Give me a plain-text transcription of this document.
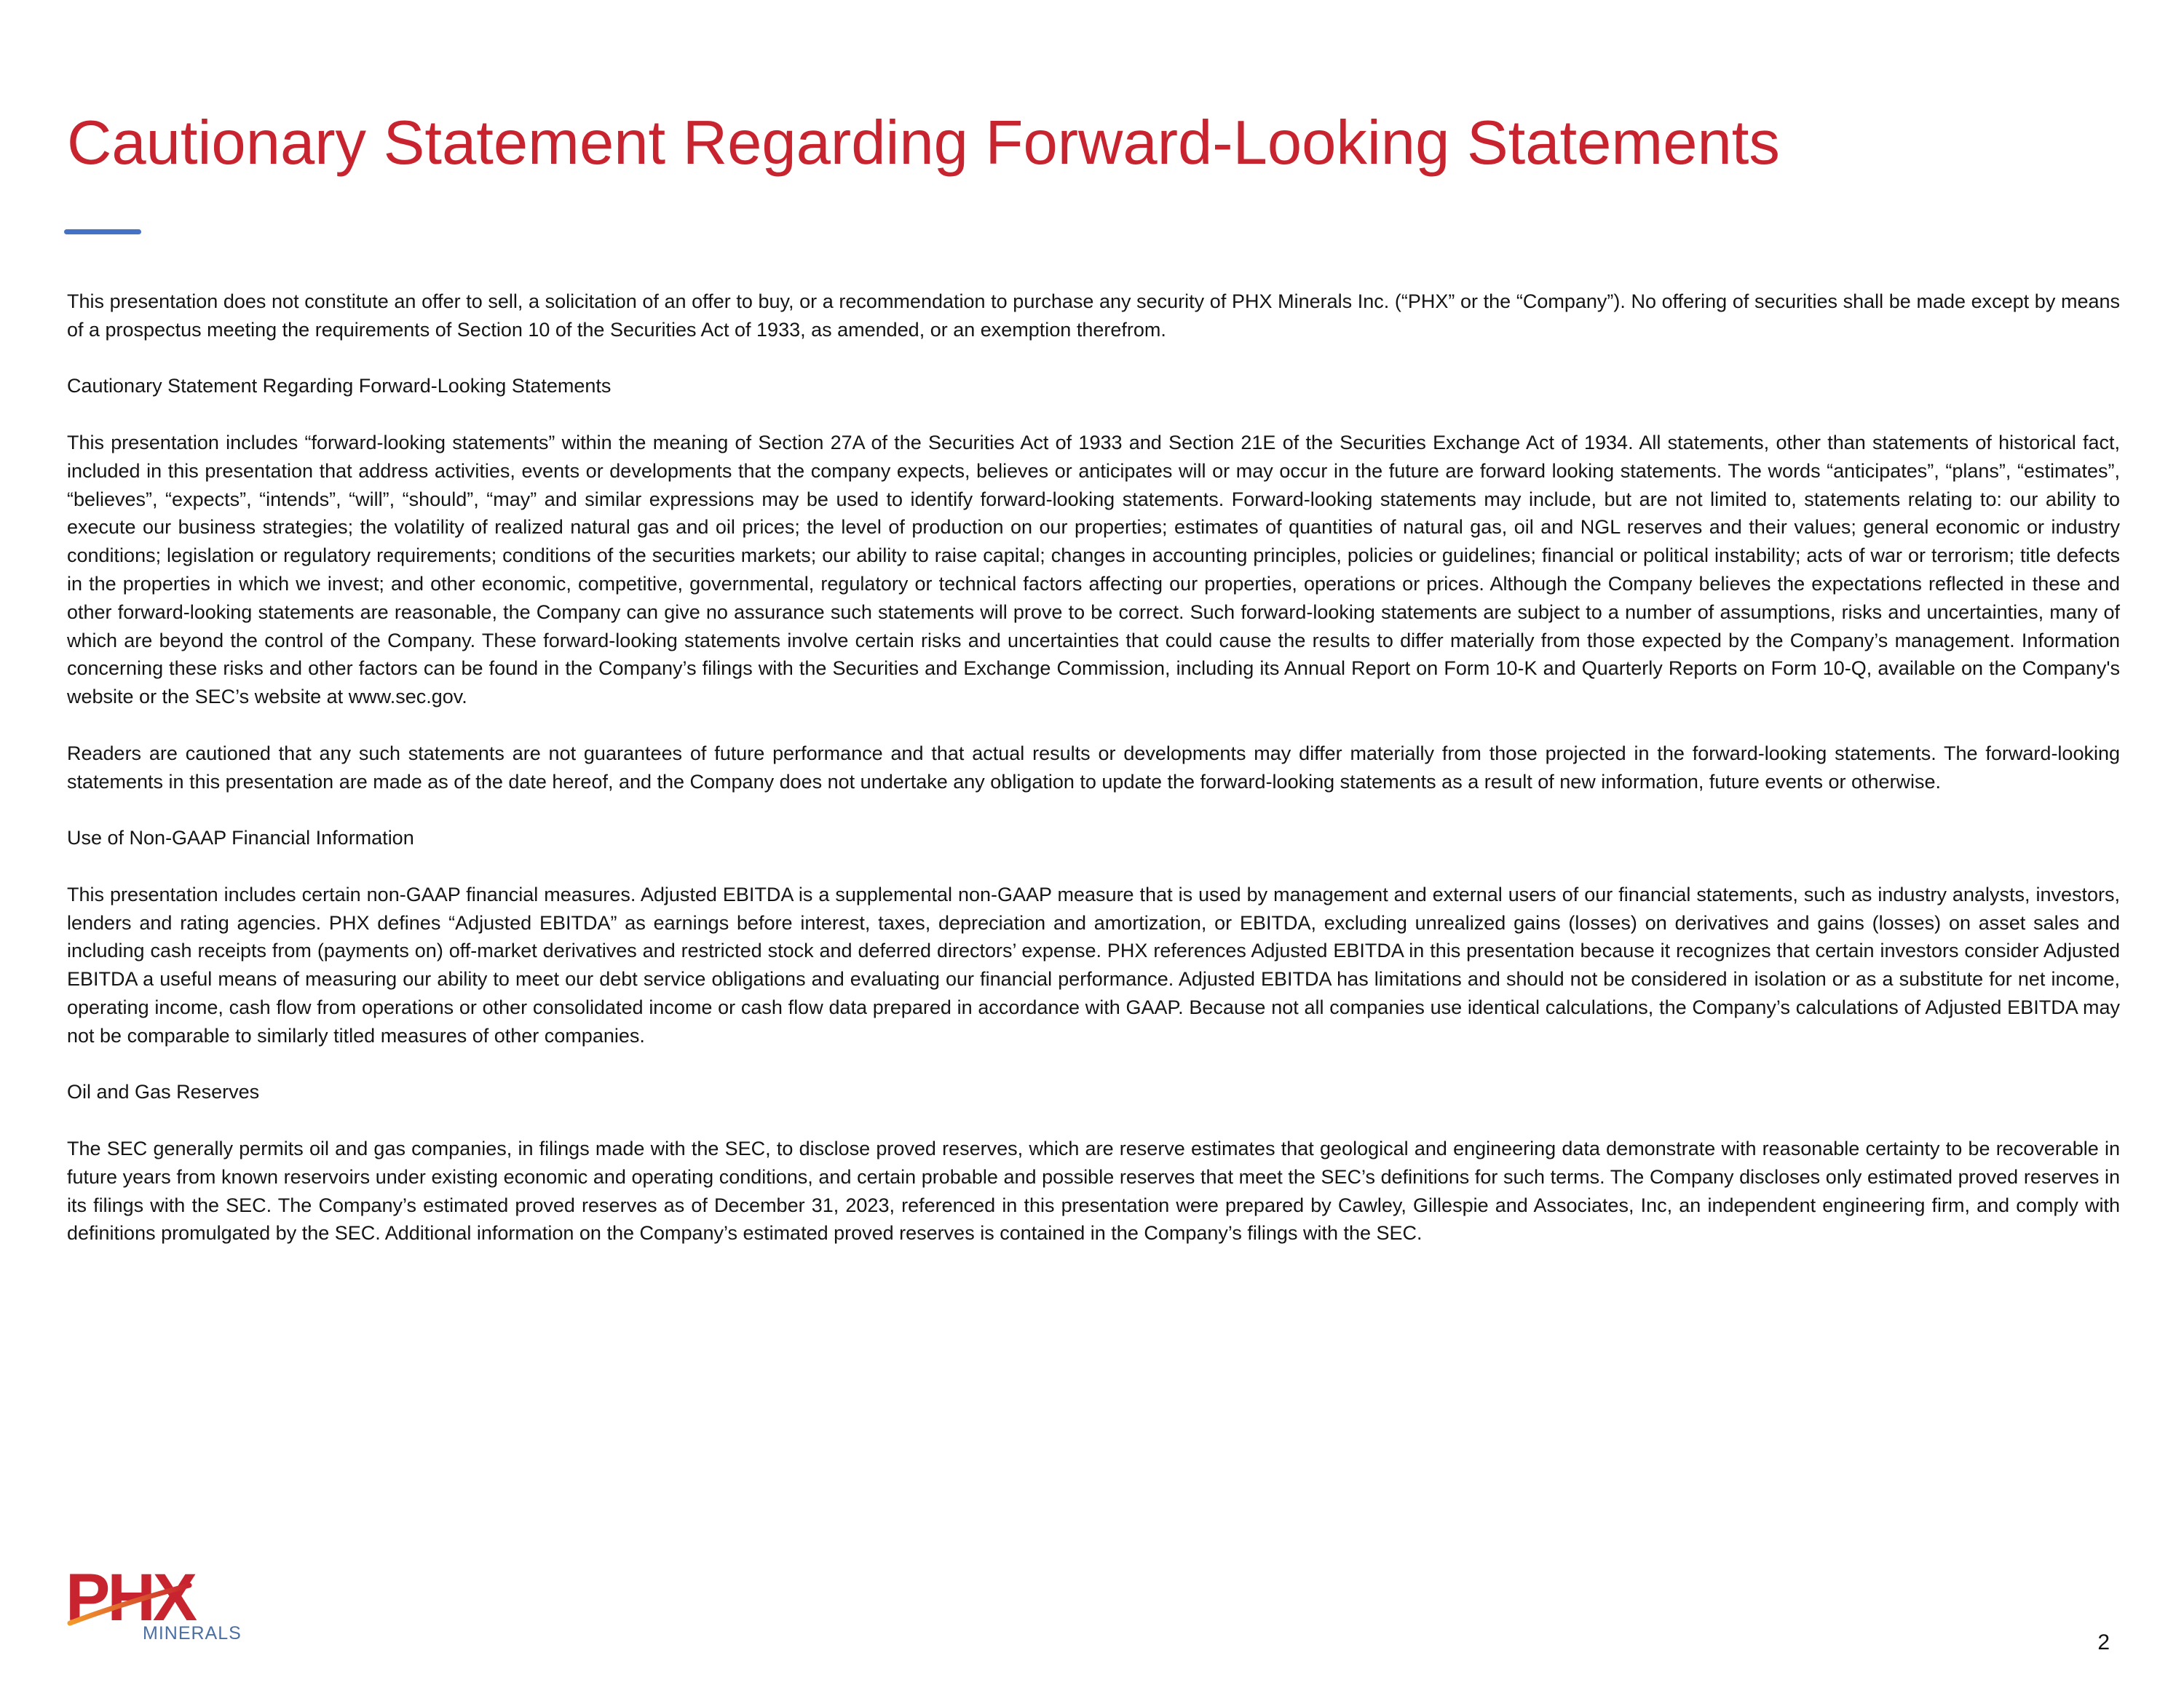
Cautionary Statement Regarding Forward-Looking Statements

This presentation does not constitute an offer to sell, a solicitation of an offer to buy, or a recommendation to purchase any security of PHX Minerals Inc. (“PHX” or the “Company”). No offering of securities shall be made except by means of a prospectus meeting the requirements of Section 10 of the Securities Act of 1933, as amended, or an exemption therefrom.

Cautionary Statement Regarding Forward-Looking Statements

This presentation includes “forward-looking statements” within the meaning of Section 27A of the Securities Act of 1933 and Section 21E of the Securities Exchange Act of 1934. All statements, other than statements of historical fact, included in this presentation that address activities, events or developments that the company expects, believes or anticipates will or may occur in the future are forward looking statements. The words “anticipates”, “plans”, “estimates”, “believes”, “expects”, “intends”, “will”, “should”, “may” and similar expressions may be used to identify forward-looking statements. Forward-looking statements may include, but are not limited to, statements relating to: our ability to execute our business strategies; the volatility of realized natural gas and oil prices; the level of production on our properties; estimates of quantities of natural gas, oil and NGL reserves and their values; general economic or industry conditions; legislation or regulatory requirements; conditions of the securities markets; our ability to raise capital; changes in accounting principles, policies or guidelines; financial or political instability; acts of war or terrorism; title defects in the properties in which we invest; and other economic, competitive, governmental, regulatory or technical factors affecting our properties, operations or prices. Although the Company believes the expectations reflected in these and other forward-looking statements are reasonable, the Company can give no assurance such statements will prove to be correct. Such forward-looking statements are subject to a number of assumptions, risks and uncertainties, many of which are beyond the control of the Company. These forward-looking statements involve certain risks and uncertainties that could cause the results to differ materially from those expected by the Company’s management. Information concerning these risks and other factors can be found in the Company’s filings with the Securities and Exchange Commission, including its Annual Report on Form 10-K and Quarterly Reports on Form 10-Q, available on the Company's website or the SEC’s website at www.sec.gov.

Readers are cautioned that any such statements are not guarantees of future performance and that actual results or developments may differ materially from those projected in the forward-looking statements. The forward-looking statements in this presentation are made as of the date hereof, and the Company does not undertake any obligation to update the forward-looking statements as a result of new information, future events or otherwise.

Use of Non-GAAP Financial Information

This presentation includes certain non-GAAP financial measures. Adjusted EBITDA is a supplemental non-GAAP measure that is used by management and external users of our financial statements, such as industry analysts, investors, lenders and rating agencies. PHX defines “Adjusted EBITDA” as earnings before interest, taxes, depreciation and amortization, or EBITDA, excluding unrealized gains (losses) on derivatives and gains (losses) on asset sales and including cash receipts from (payments on) off-market derivatives and restricted stock and deferred directors’ expense. PHX references Adjusted EBITDA in this presentation because it recognizes that certain investors consider Adjusted EBITDA a useful means of measuring our ability to meet our debt service obligations and evaluating our financial performance. Adjusted EBITDA has limitations and should not be considered in isolation or as a substitute for net income, operating income, cash flow from operations or other consolidated income or cash flow data prepared in accordance with GAAP. Because not all companies use identical calculations, the Company’s calculations of Adjusted EBITDA may not be comparable to similarly titled measures of other companies.

Oil and Gas Reserves

The SEC generally permits oil and gas companies, in filings made with the SEC, to disclose proved reserves, which are reserve estimates that geological and engineering data demonstrate with reasonable certainty to be recoverable in future years from known reservoirs under existing economic and operating conditions, and certain probable and possible reserves that meet the SEC’s definitions for such terms. The Company discloses only estimated proved reserves in its filings with the SEC. The Company’s estimated proved reserves as of December 31, 2023, referenced in this presentation were prepared by Cawley, Gillespie and Associates, Inc, an independent engineering firm, and comply with definitions promulgated by the SEC. Additional information on the Company’s estimated proved reserves is contained in the Company’s filings with the SEC.

PHX
MINERALS	2
